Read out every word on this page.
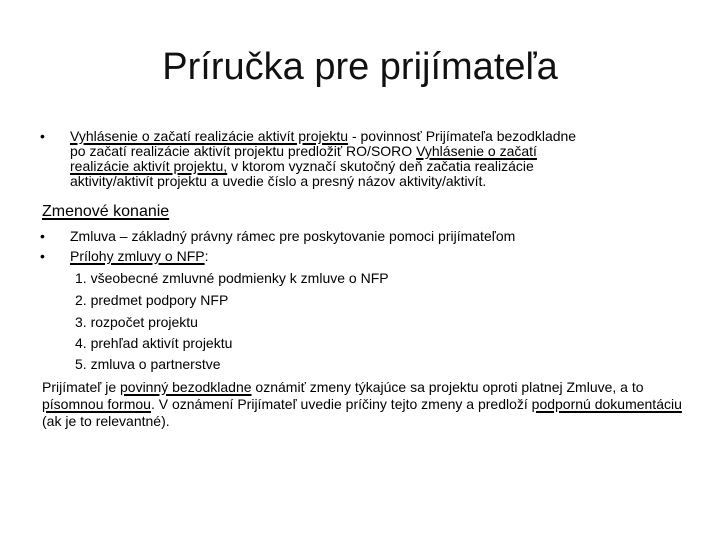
Príručka pre prijímateľa
•	Vyhlásenie o začatí realizácie aktivít projektu - povinnosť Prijímateľa bezodkladne
po začatí realizácie aktivít projektu predložiť RO/SORO Vyhlásenie o začatí
realizácie aktivít projektu, v ktorom vyznačí skutočný deň začatia realizácie
aktivity/aktivít projektu a uvedie číslo a presný názov aktivity/aktivít.
Zmenové konanie
•	Zmluva – základný právny rámec pre poskytovanie pomoci prijímateľom
•	Prílohy zmluvy o NFP:
1. všeobecné zmluvné podmienky k zmluve o NFP
2. predmet podpory NFP
3. rozpočet projektu
4. prehľad aktivít projektu
5. zmluva o partnerstve
Prijímateľ je povinný bezodkladne oznámiť zmeny týkajúce sa projektu oproti platnej Zmluve, a to písomnou formou. V oznámení Prijímateľ uvedie príčiny tejto zmeny a predloží podpornú dokumentáciu (ak je to relevantné).
